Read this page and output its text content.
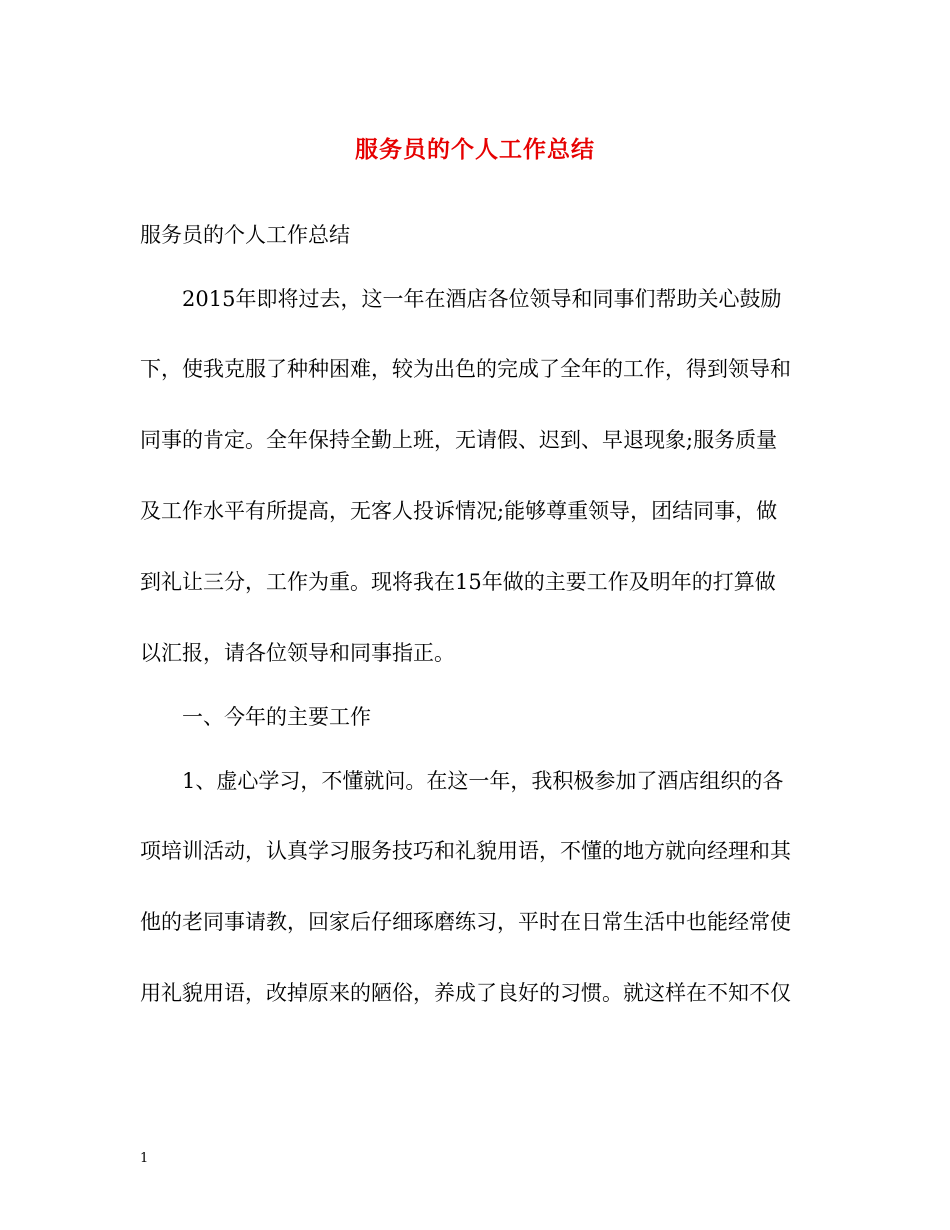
服务员的个人工作总结
服务员的个人工作总结
2015年即将过去，这一年在酒店各位领导和同事们帮助关心鼓励
下，使我克服了种种困难，较为出色的完成了全年的工作，得到领导和
同事的肯定。全年保持全勤上班，无请假、迟到、早退现象;服务质量
及工作水平有所提高，无客人投诉情况;能够尊重领导，团结同事，做
到礼让三分，工作为重。现将我在15年做的主要工作及明年的打算做
以汇报，请各位领导和同事指正。
一、今年的主要工作
1、虚心学习，不懂就问。在这一年，我积极参加了酒店组织的各
项培训活动，认真学习服务技巧和礼貌用语，不懂的地方就向经理和其
他的老同事请教，回家后仔细琢磨练习，平时在日常生活中也能经常使
用礼貌用语，改掉原来的陋俗，养成了良好的习惯。就这样在不知不仅
1
